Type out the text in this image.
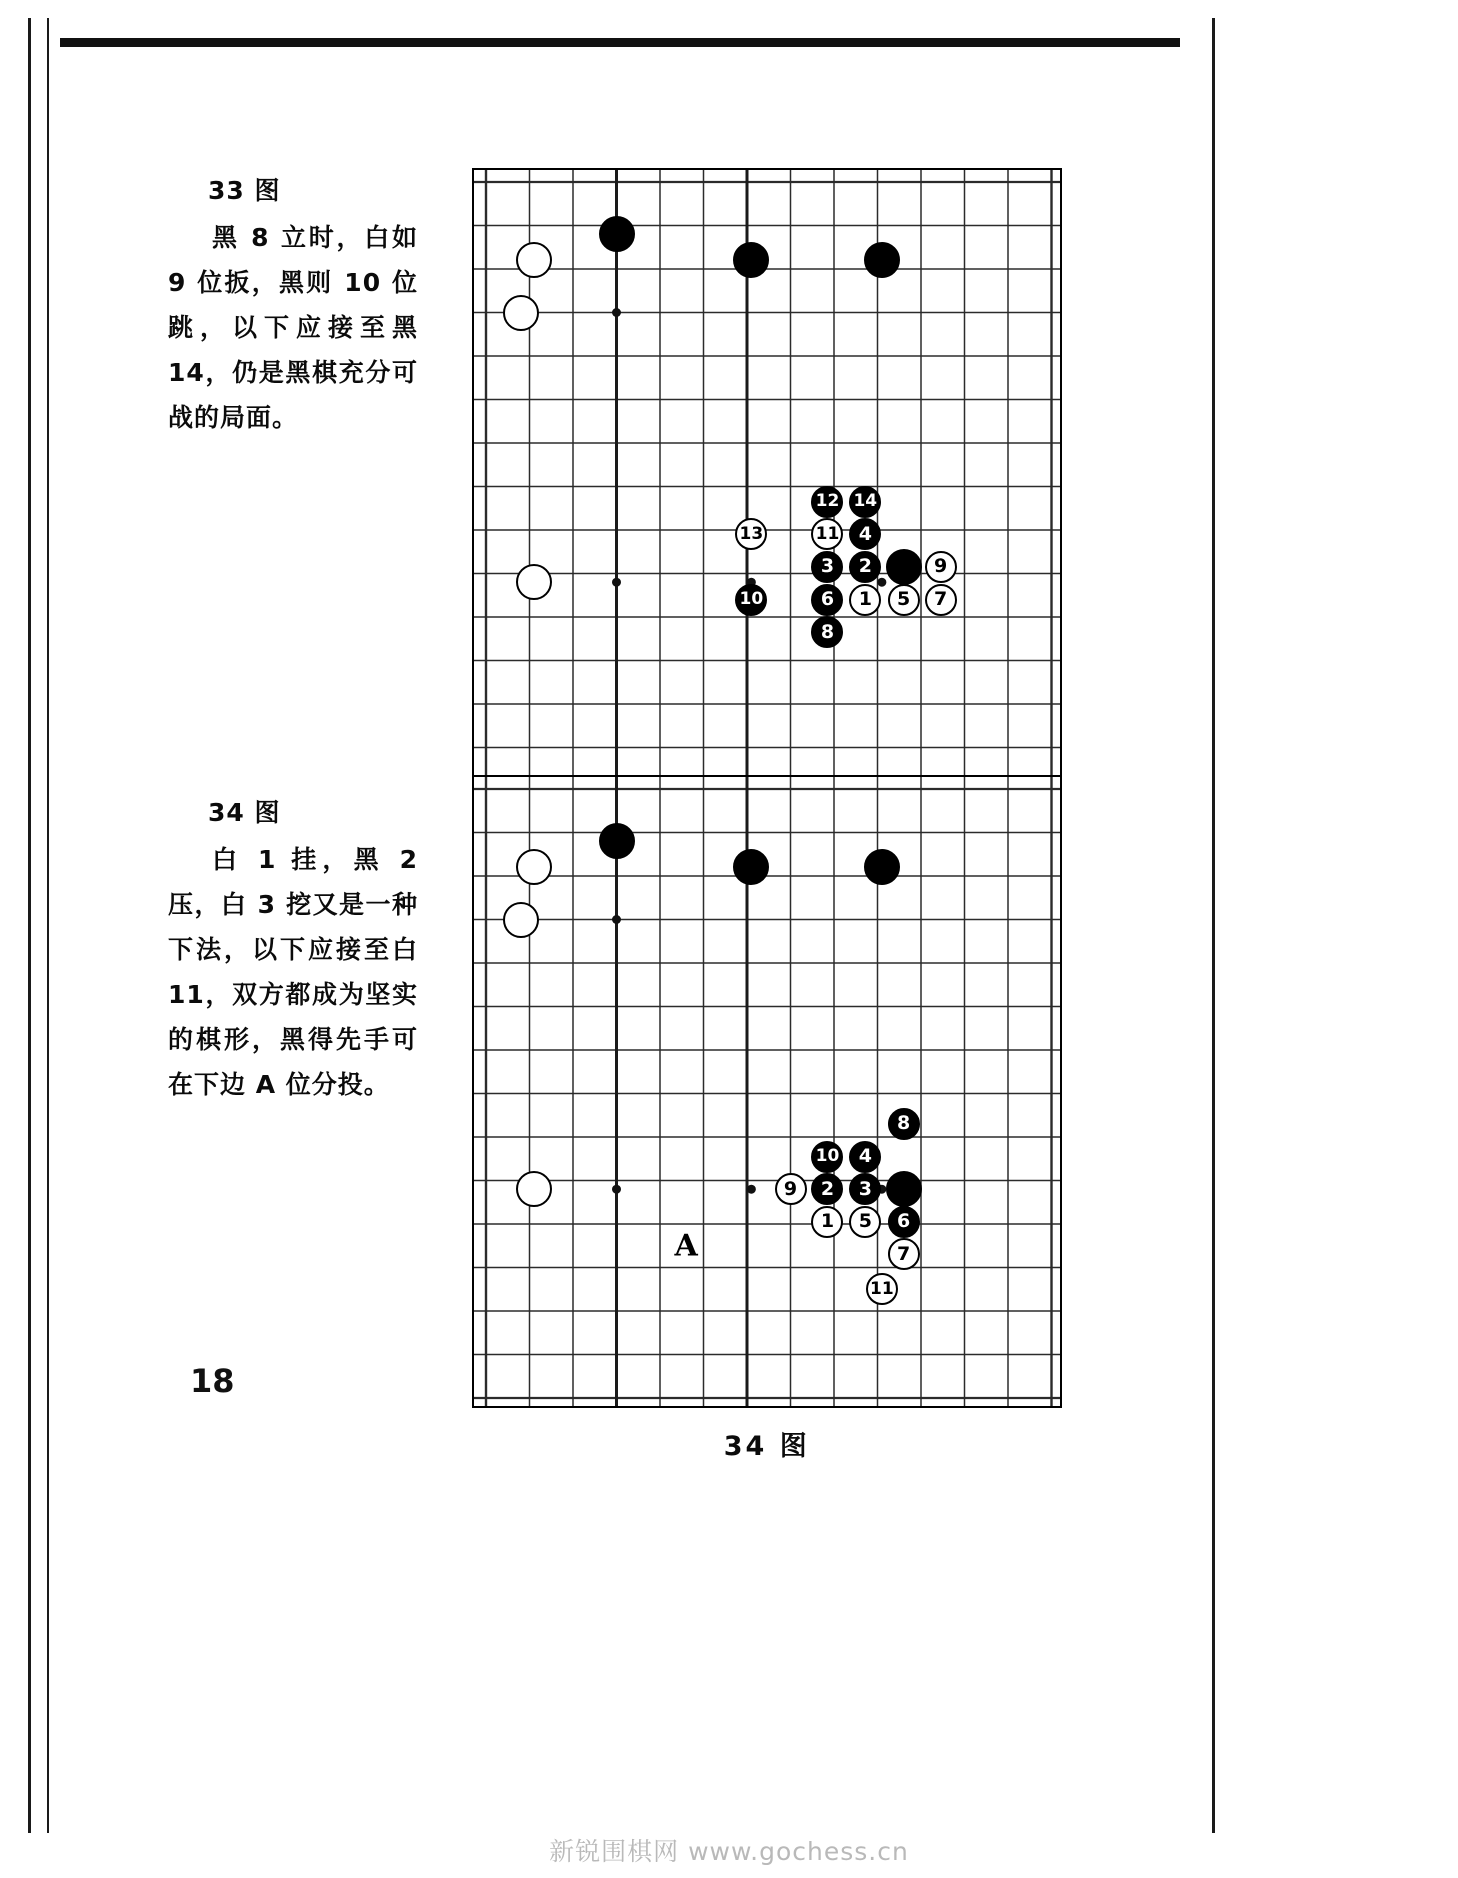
33 图

黑 8 立时，白如 9 位扳，黑则 10 位跳，以下应接至黑 14，仍是黑棋充分可战的局面。

34 图

白 1 挂，黑 2 压，白 3 挖又是一种下法，以下应接至白 11，双方都成为坚实的棋形，黑得先手可在下边 A 位分投。

12 14
11 4
13
3 2	9
10	6 1 5 7
8
8
10 4
9 2 3
1 5 6
7
11
A
34 图
18
新锐围棋网 www.gochess.cn
